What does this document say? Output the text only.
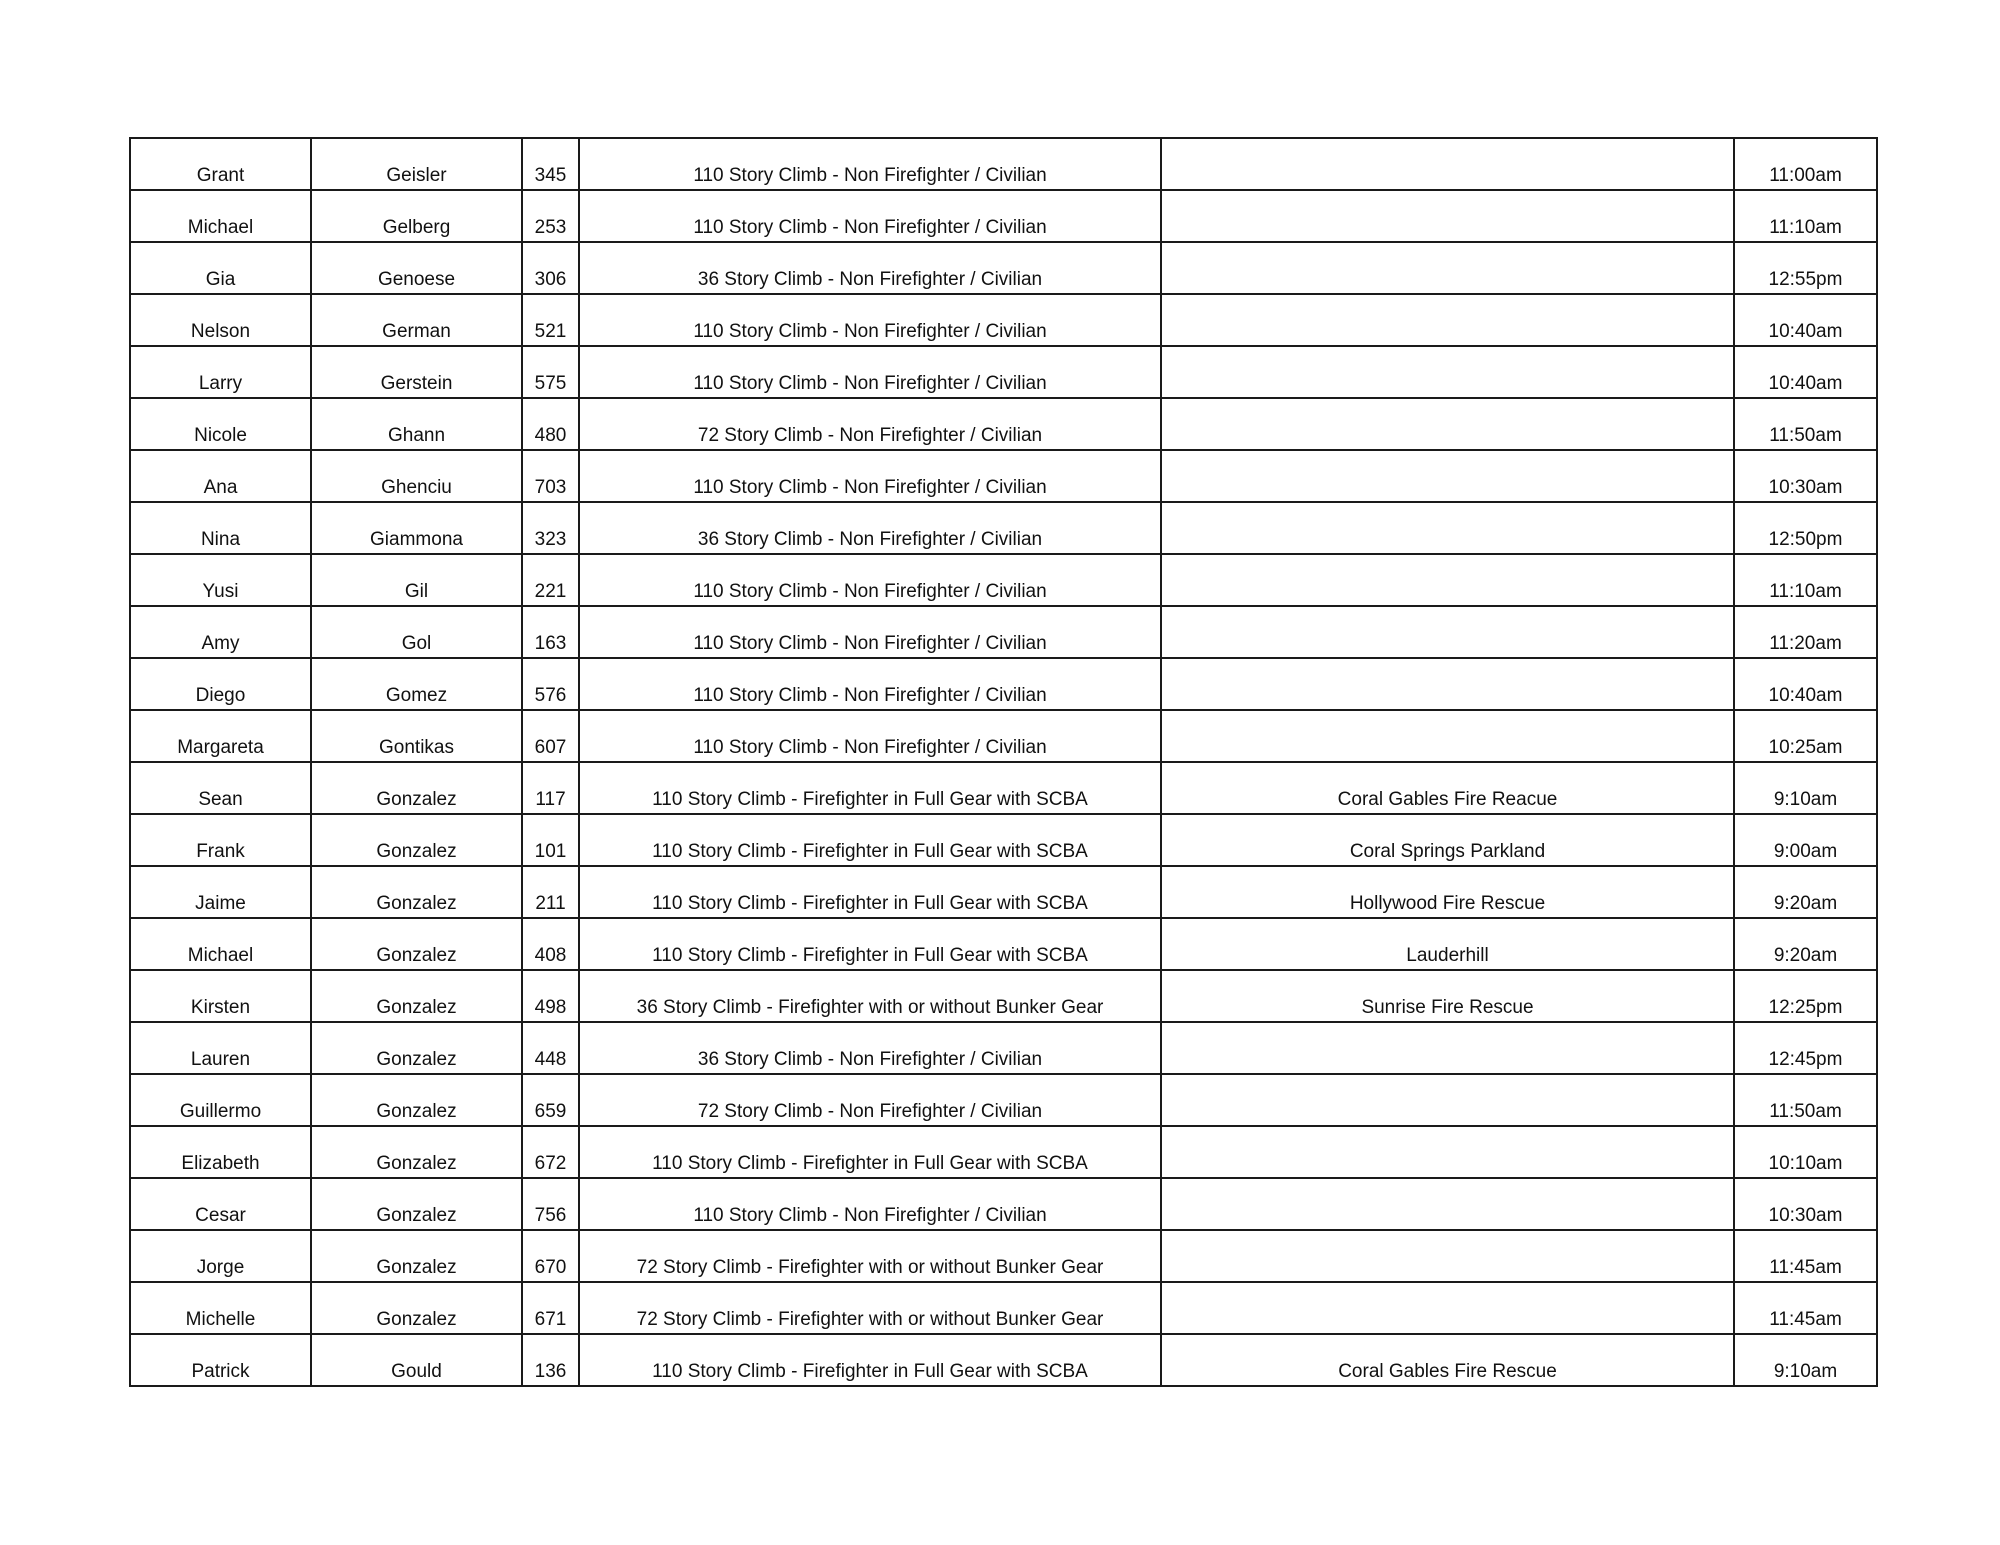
Grant	Geisler	345	110 Story Climb - Non Firefighter / Civilian		11:00am
Michael	Gelberg	253	110 Story Climb - Non Firefighter / Civilian		11:10am
Gia	Genoese	306	36 Story Climb - Non Firefighter / Civilian		12:55pm
Nelson	German	521	110 Story Climb - Non Firefighter / Civilian		10:40am
Larry	Gerstein	575	110 Story Climb - Non Firefighter / Civilian		10:40am
Nicole	Ghann	480	72 Story Climb - Non Firefighter / Civilian		11:50am
Ana	Ghenciu	703	110 Story Climb - Non Firefighter / Civilian		10:30am
Nina	Giammona	323	36 Story Climb - Non Firefighter / Civilian		12:50pm
Yusi	Gil	221	110 Story Climb - Non Firefighter / Civilian		11:10am
Amy	Gol	163	110 Story Climb - Non Firefighter / Civilian		11:20am
Diego	Gomez	576	110 Story Climb - Non Firefighter / Civilian		10:40am
Margareta	Gontikas	607	110 Story Climb - Non Firefighter / Civilian		10:25am
Sean	Gonzalez	117	110 Story Climb - Firefighter in Full Gear with SCBA	Coral Gables Fire Reacue	9:10am
Frank	Gonzalez	101	110 Story Climb - Firefighter in Full Gear with SCBA	Coral Springs Parkland	9:00am
Jaime	Gonzalez	211	110 Story Climb - Firefighter in Full Gear with SCBA	Hollywood Fire Rescue	9:20am
Michael	Gonzalez	408	110 Story Climb - Firefighter in Full Gear with SCBA	Lauderhill	9:20am
Kirsten	Gonzalez	498	36 Story Climb - Firefighter with or without Bunker Gear	Sunrise Fire Rescue	12:25pm
Lauren	Gonzalez	448	36 Story Climb - Non Firefighter / Civilian		12:45pm
Guillermo	Gonzalez	659	72 Story Climb - Non Firefighter / Civilian		11:50am
Elizabeth	Gonzalez	672	110 Story Climb - Firefighter in Full Gear with SCBA		10:10am
Cesar	Gonzalez	756	110 Story Climb - Non Firefighter / Civilian		10:30am
Jorge	Gonzalez	670	72 Story Climb - Firefighter with or without Bunker Gear		11:45am
Michelle	Gonzalez	671	72 Story Climb - Firefighter with or without Bunker Gear		11:45am
Patrick	Gould	136	110 Story Climb - Firefighter in Full Gear with SCBA	Coral Gables Fire Rescue	9:10am
